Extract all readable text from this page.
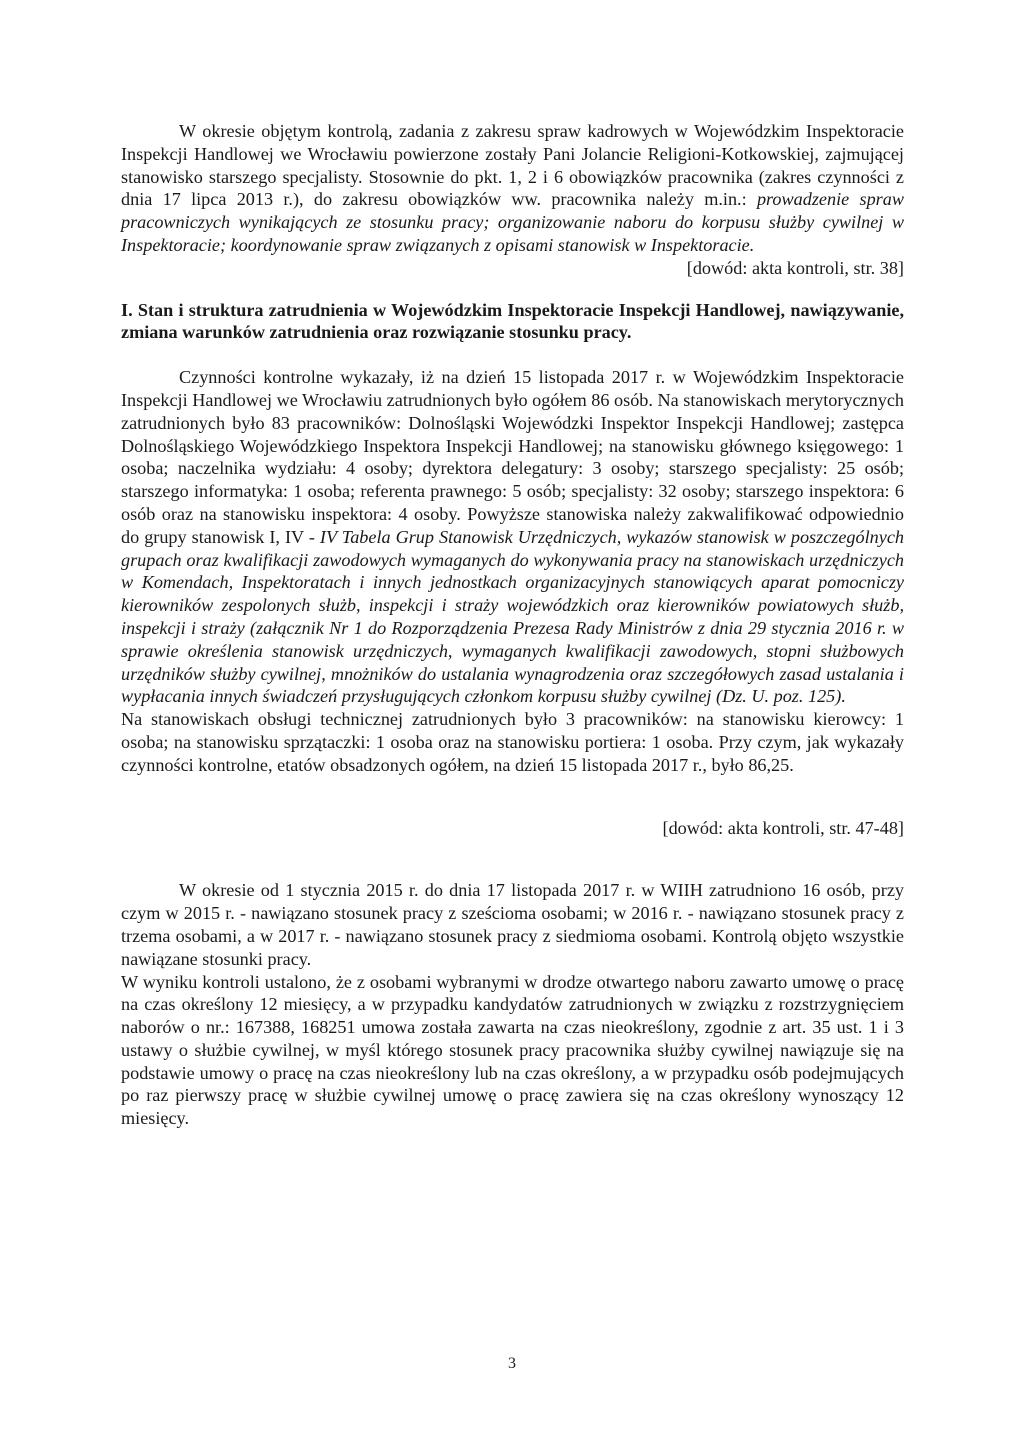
W okresie objętym kontrolą, zadania z zakresu spraw kadrowych w Wojewódzkim Inspektoracie Inspekcji Handlowej we Wrocławiu powierzone zostały Pani Jolancie Religioni-Kotkowskiej, zajmującej stanowisko starszego specjalisty. Stosownie do pkt. 1, 2 i 6 obowiązków pracownika (zakres czynności z dnia 17 lipca 2013 r.), do zakresu obowiązków ww. pracownika należy m.in.: prowadzenie spraw pracowniczych wynikających ze stosunku pracy; organizowanie naboru do korpusu służby cywilnej w Inspektoracie; koordynowanie spraw związanych z opisami stanowisk w Inspektoracie.

[dowód: akta kontroli, str. 38]

I. Stan i struktura zatrudnienia w Wojewódzkim Inspektoracie Inspekcji Handlowej, nawiązywanie, zmiana warunków zatrudnienia oraz rozwiązanie stosunku pracy.

Czynności kontrolne wykazały, iż na dzień 15 listopada 2017 r. w Wojewódzkim Inspektoracie Inspekcji Handlowej we Wrocławiu zatrudnionych było ogółem 86 osób. Na stanowiskach merytorycznych zatrudnionych było 83 pracowników: Dolnośląski Wojewódzki Inspektor Inspekcji Handlowej; zastępca Dolnośląskiego Wojewódzkiego Inspektora Inspekcji Handlowej; na stanowisku głównego księgowego: 1 osoba; naczelnika wydziału: 4 osoby; dyrektora delegatury: 3 osoby; starszego specjalisty: 25 osób; starszego informatyka: 1 osoba; referenta prawnego: 5 osób; specjalisty: 32 osoby; starszego inspektora: 6 osób oraz na stanowisku inspektora: 4 osoby. Powyższe stanowiska należy zakwalifikować odpowiednio do grupy stanowisk I, IV - IV Tabela Grup Stanowisk Urzędniczych, wykazów stanowisk w poszczególnych grupach oraz kwalifikacji zawodowych wymaganych do wykonywania pracy na stanowiskach urzędniczych w Komendach, Inspektoratach i innych jednostkach organizacyjnych stanowiących aparat pomocniczy kierowników zespolonych służb, inspekcji i straży wojewódzkich oraz kierowników powiatowych służb, inspekcji i straży (załącznik Nr 1 do Rozporządzenia Prezesa Rady Ministrów z dnia 29 stycznia 2016 r. w sprawie określenia stanowisk urzędniczych, wymaganych kwalifikacji zawodowych, stopni służbowych urzędników służby cywilnej, mnożników do ustalania wynagrodzenia oraz szczegółowych zasad ustalania i wypłacania innych świadczeń przysługujących członkom korpusu służby cywilnej (Dz. U. poz. 125).

Na stanowiskach obsługi technicznej zatrudnionych było 3 pracowników: na stanowisku kierowcy: 1 osoba; na stanowisku sprzątaczki: 1 osoba oraz na stanowisku portiera: 1 osoba. Przy czym, jak wykazały czynności kontrolne, etatów obsadzonych ogółem, na dzień 15 listopada 2017 r., było 86,25.

[dowód: akta kontroli, str. 47-48]

W okresie od 1 stycznia 2015 r. do dnia 17 listopada 2017 r. w WIIH zatrudniono 16 osób, przy czym w 2015 r. - nawiązano stosunek pracy z sześcioma osobami; w 2016 r. - nawiązano stosunek pracy z trzema osobami, a w 2017 r. - nawiązano stosunek pracy z siedmioma osobami. Kontrolą objęto wszystkie nawiązane stosunki pracy.

W wyniku kontroli ustalono, że z osobami wybranymi w drodze otwartego naboru zawarto umowę o pracę na czas określony 12 miesięcy, a w przypadku kandydatów zatrudnionych w związku z rozstrzygnięciem naborów o nr.: 167388, 168251 umowa została zawarta na czas nieokreślony, zgodnie z art. 35 ust. 1 i 3 ustawy o służbie cywilnej, w myśl którego stosunek pracy pracownika służby cywilnej nawiązuje się na podstawie umowy o pracę na czas nieokreślony lub na czas określony, a w przypadku osób podejmujących po raz pierwszy pracę w służbie cywilnej umowę o pracę zawiera się na czas określony wynoszący 12 miesięcy.

3
